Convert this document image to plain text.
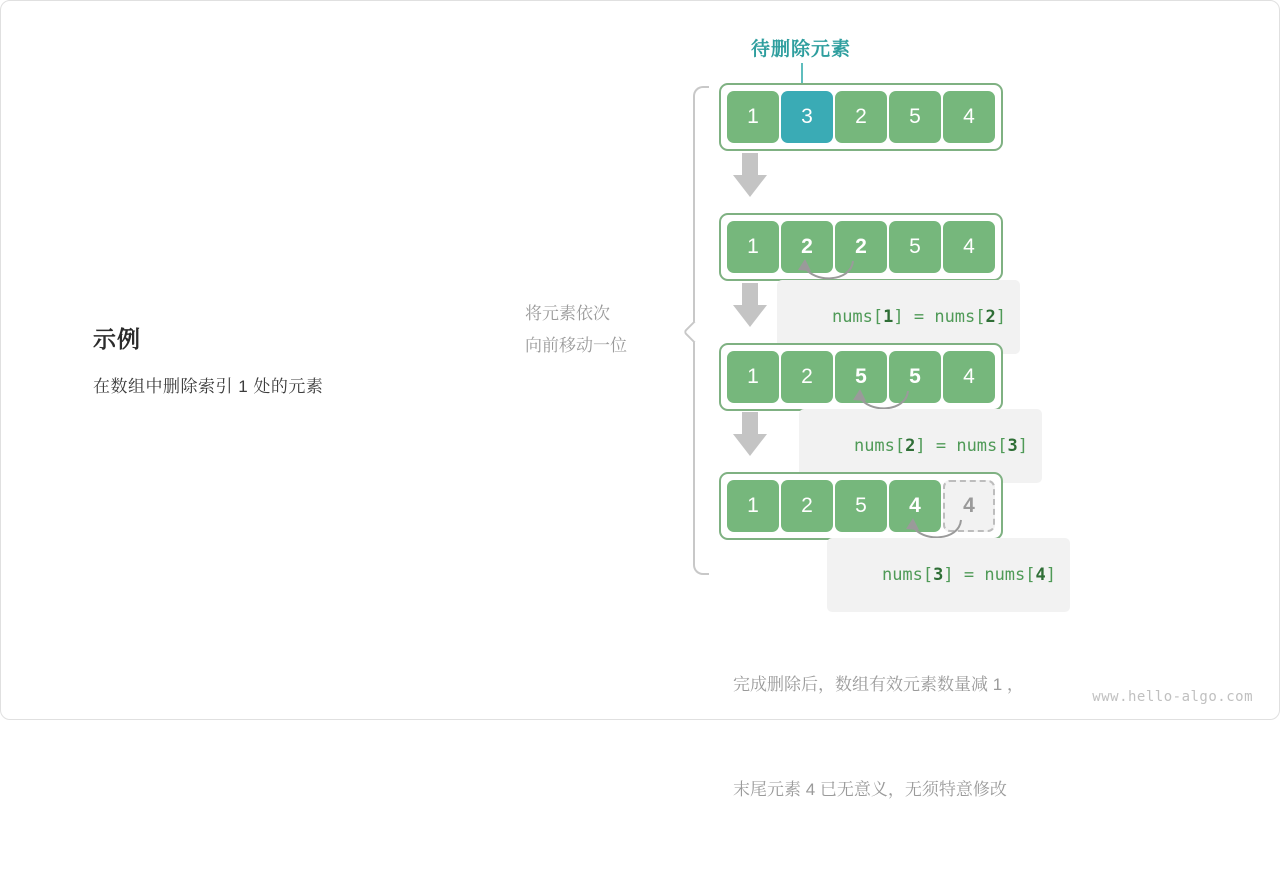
示例
在数组中删除索引 1 处的元素
将元素依次
向前移动一位
待删除元素
1	3	2	5	4
1	2	2	5	4

nums[1] = nums[2]

1	2	5	5	4

nums[2] = nums[3]

1	2	5	4	4

nums[3] = nums[4]

完成删除后，数组有效元素数量减 1 ，

末尾元素 4 已无意义，无须特意修改

www.hello-algo.com
